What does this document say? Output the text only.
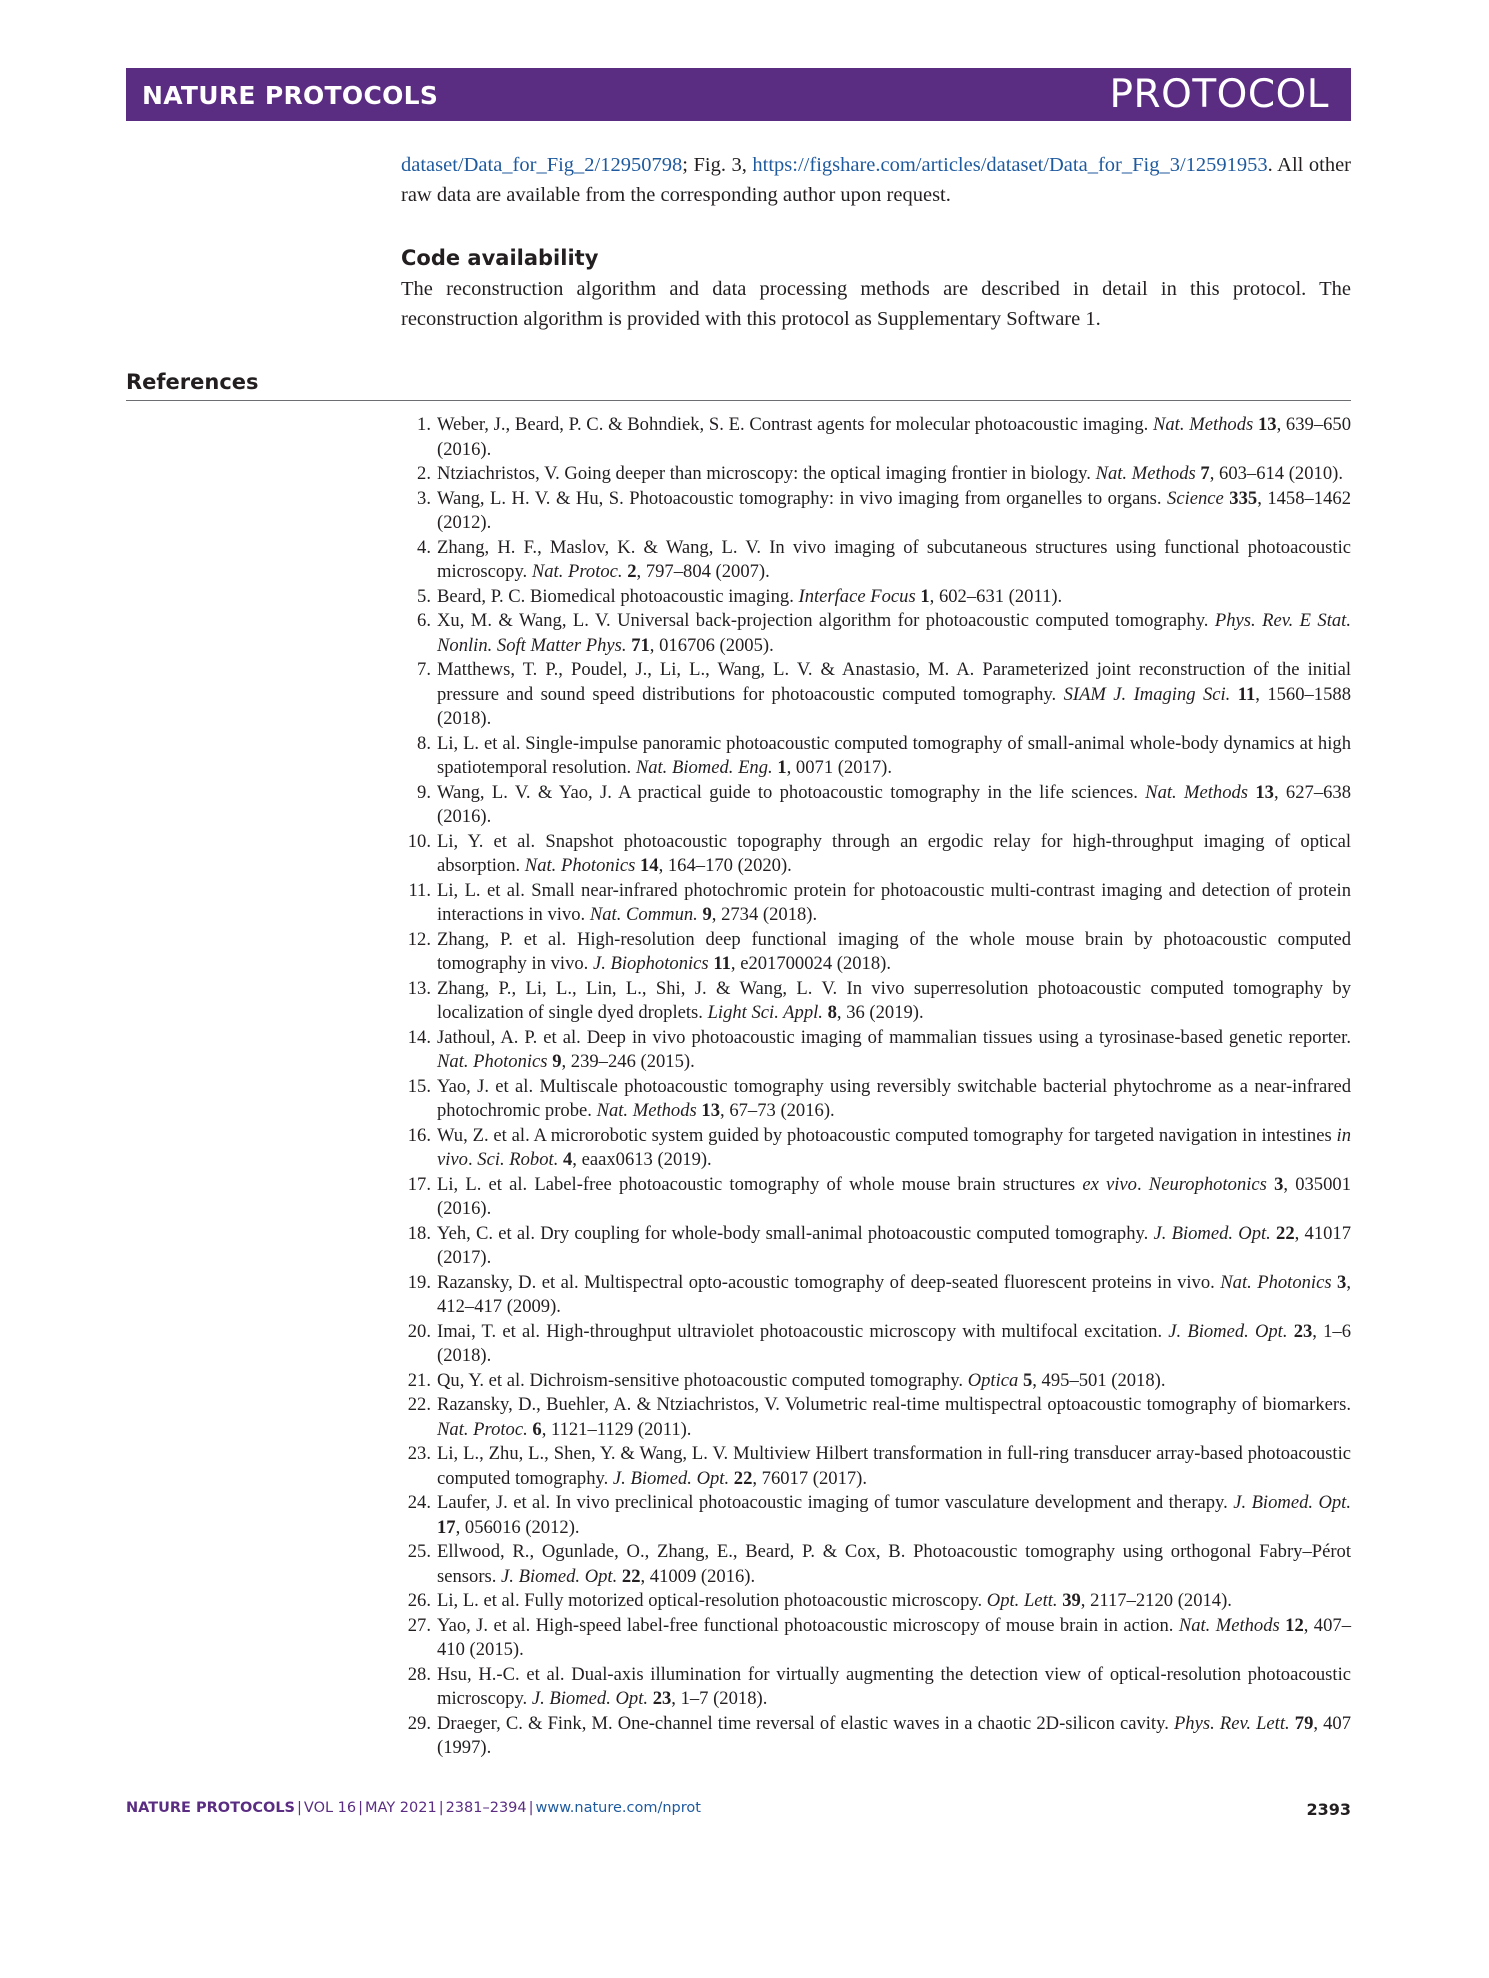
NATURE PROTOCOLS	PROTOCOL
dataset/Data_for_Fig_2/12950798; Fig. 3, https://figshare.com/articles/dataset/Data_for_Fig_3/12591953. All other raw data are available from the corresponding author upon request.
Code availability
The reconstruction algorithm and data processing methods are described in detail in this protocol. The reconstruction algorithm is provided with this protocol as Supplementary Software 1.
References
1. Weber, J., Beard, P. C. & Bohndiek, S. E. Contrast agents for molecular photoacoustic imaging. Nat. Methods 13, 639–650 (2016).
2. Ntziachristos, V. Going deeper than microscopy: the optical imaging frontier in biology. Nat. Methods 7, 603–614 (2010).
3. Wang, L. H. V. & Hu, S. Photoacoustic tomography: in vivo imaging from organelles to organs. Science 335, 1458–1462 (2012).
4. Zhang, H. F., Maslov, K. & Wang, L. V. In vivo imaging of subcutaneous structures using functional photoacoustic microscopy. Nat. Protoc. 2, 797–804 (2007).
5. Beard, P. C. Biomedical photoacoustic imaging. Interface Focus 1, 602–631 (2011).
6. Xu, M. & Wang, L. V. Universal back-projection algorithm for photoacoustic computed tomography. Phys. Rev. E Stat. Nonlin. Soft Matter Phys. 71, 016706 (2005).
7. Matthews, T. P., Poudel, J., Li, L., Wang, L. V. & Anastasio, M. A. Parameterized joint reconstruction of the initial pressure and sound speed distributions for photoacoustic computed tomography. SIAM J. Imaging Sci. 11, 1560–1588 (2018).
8. Li, L. et al. Single-impulse panoramic photoacoustic computed tomography of small-animal whole-body dynamics at high spatiotemporal resolution. Nat. Biomed. Eng. 1, 0071 (2017).
9. Wang, L. V. & Yao, J. A practical guide to photoacoustic tomography in the life sciences. Nat. Methods 13, 627–638 (2016).
10. Li, Y. et al. Snapshot photoacoustic topography through an ergodic relay for high-throughput imaging of optical absorption. Nat. Photonics 14, 164–170 (2020).
11. Li, L. et al. Small near-infrared photochromic protein for photoacoustic multi-contrast imaging and detection of protein interactions in vivo. Nat. Commun. 9, 2734 (2018).
12. Zhang, P. et al. High-resolution deep functional imaging of the whole mouse brain by photoacoustic computed tomography in vivo. J. Biophotonics 11, e201700024 (2018).
13. Zhang, P., Li, L., Lin, L., Shi, J. & Wang, L. V. In vivo superresolution photoacoustic computed tomography by localization of single dyed droplets. Light Sci. Appl. 8, 36 (2019).
14. Jathoul, A. P. et al. Deep in vivo photoacoustic imaging of mammalian tissues using a tyrosinase-based genetic reporter. Nat. Photonics 9, 239–246 (2015).
15. Yao, J. et al. Multiscale photoacoustic tomography using reversibly switchable bacterial phytochrome as a near-infrared photochromic probe. Nat. Methods 13, 67–73 (2016).
16. Wu, Z. et al. A microrobotic system guided by photoacoustic computed tomography for targeted navigation in intestines in vivo. Sci. Robot. 4, eaax0613 (2019).
17. Li, L. et al. Label-free photoacoustic tomography of whole mouse brain structures ex vivo. Neurophotonics 3, 035001 (2016).
18. Yeh, C. et al. Dry coupling for whole-body small-animal photoacoustic computed tomography. J. Biomed. Opt. 22, 41017 (2017).
19. Razansky, D. et al. Multispectral opto-acoustic tomography of deep-seated fluorescent proteins in vivo. Nat. Photonics 3, 412–417 (2009).
20. Imai, T. et al. High-throughput ultraviolet photoacoustic microscopy with multifocal excitation. J. Biomed. Opt. 23, 1–6 (2018).
21. Qu, Y. et al. Dichroism-sensitive photoacoustic computed tomography. Optica 5, 495–501 (2018).
22. Razansky, D., Buehler, A. & Ntziachristos, V. Volumetric real-time multispectral optoacoustic tomography of biomarkers. Nat. Protoc. 6, 1121–1129 (2011).
23. Li, L., Zhu, L., Shen, Y. & Wang, L. V. Multiview Hilbert transformation in full-ring transducer array-based photoacoustic computed tomography. J. Biomed. Opt. 22, 76017 (2017).
24. Laufer, J. et al. In vivo preclinical photoacoustic imaging of tumor vasculature development and therapy. J. Biomed. Opt. 17, 056016 (2012).
25. Ellwood, R., Ogunlade, O., Zhang, E., Beard, P. & Cox, B. Photoacoustic tomography using orthogonal Fabry–Pérot sensors. J. Biomed. Opt. 22, 41009 (2016).
26. Li, L. et al. Fully motorized optical-resolution photoacoustic microscopy. Opt. Lett. 39, 2117–2120 (2014).
27. Yao, J. et al. High-speed label-free functional photoacoustic microscopy of mouse brain in action. Nat. Methods 12, 407–410 (2015).
28. Hsu, H.-C. et al. Dual-axis illumination for virtually augmenting the detection view of optical-resolution photoacoustic microscopy. J. Biomed. Opt. 23, 1–7 (2018).
29. Draeger, C. & Fink, M. One-channel time reversal of elastic waves in a chaotic 2D-silicon cavity. Phys. Rev. Lett. 79, 407 (1997).
NATURE PROTOCOLS | VOL 16 | MAY 2021 | 2381–2394 | www.nature.com/nprot	2393
